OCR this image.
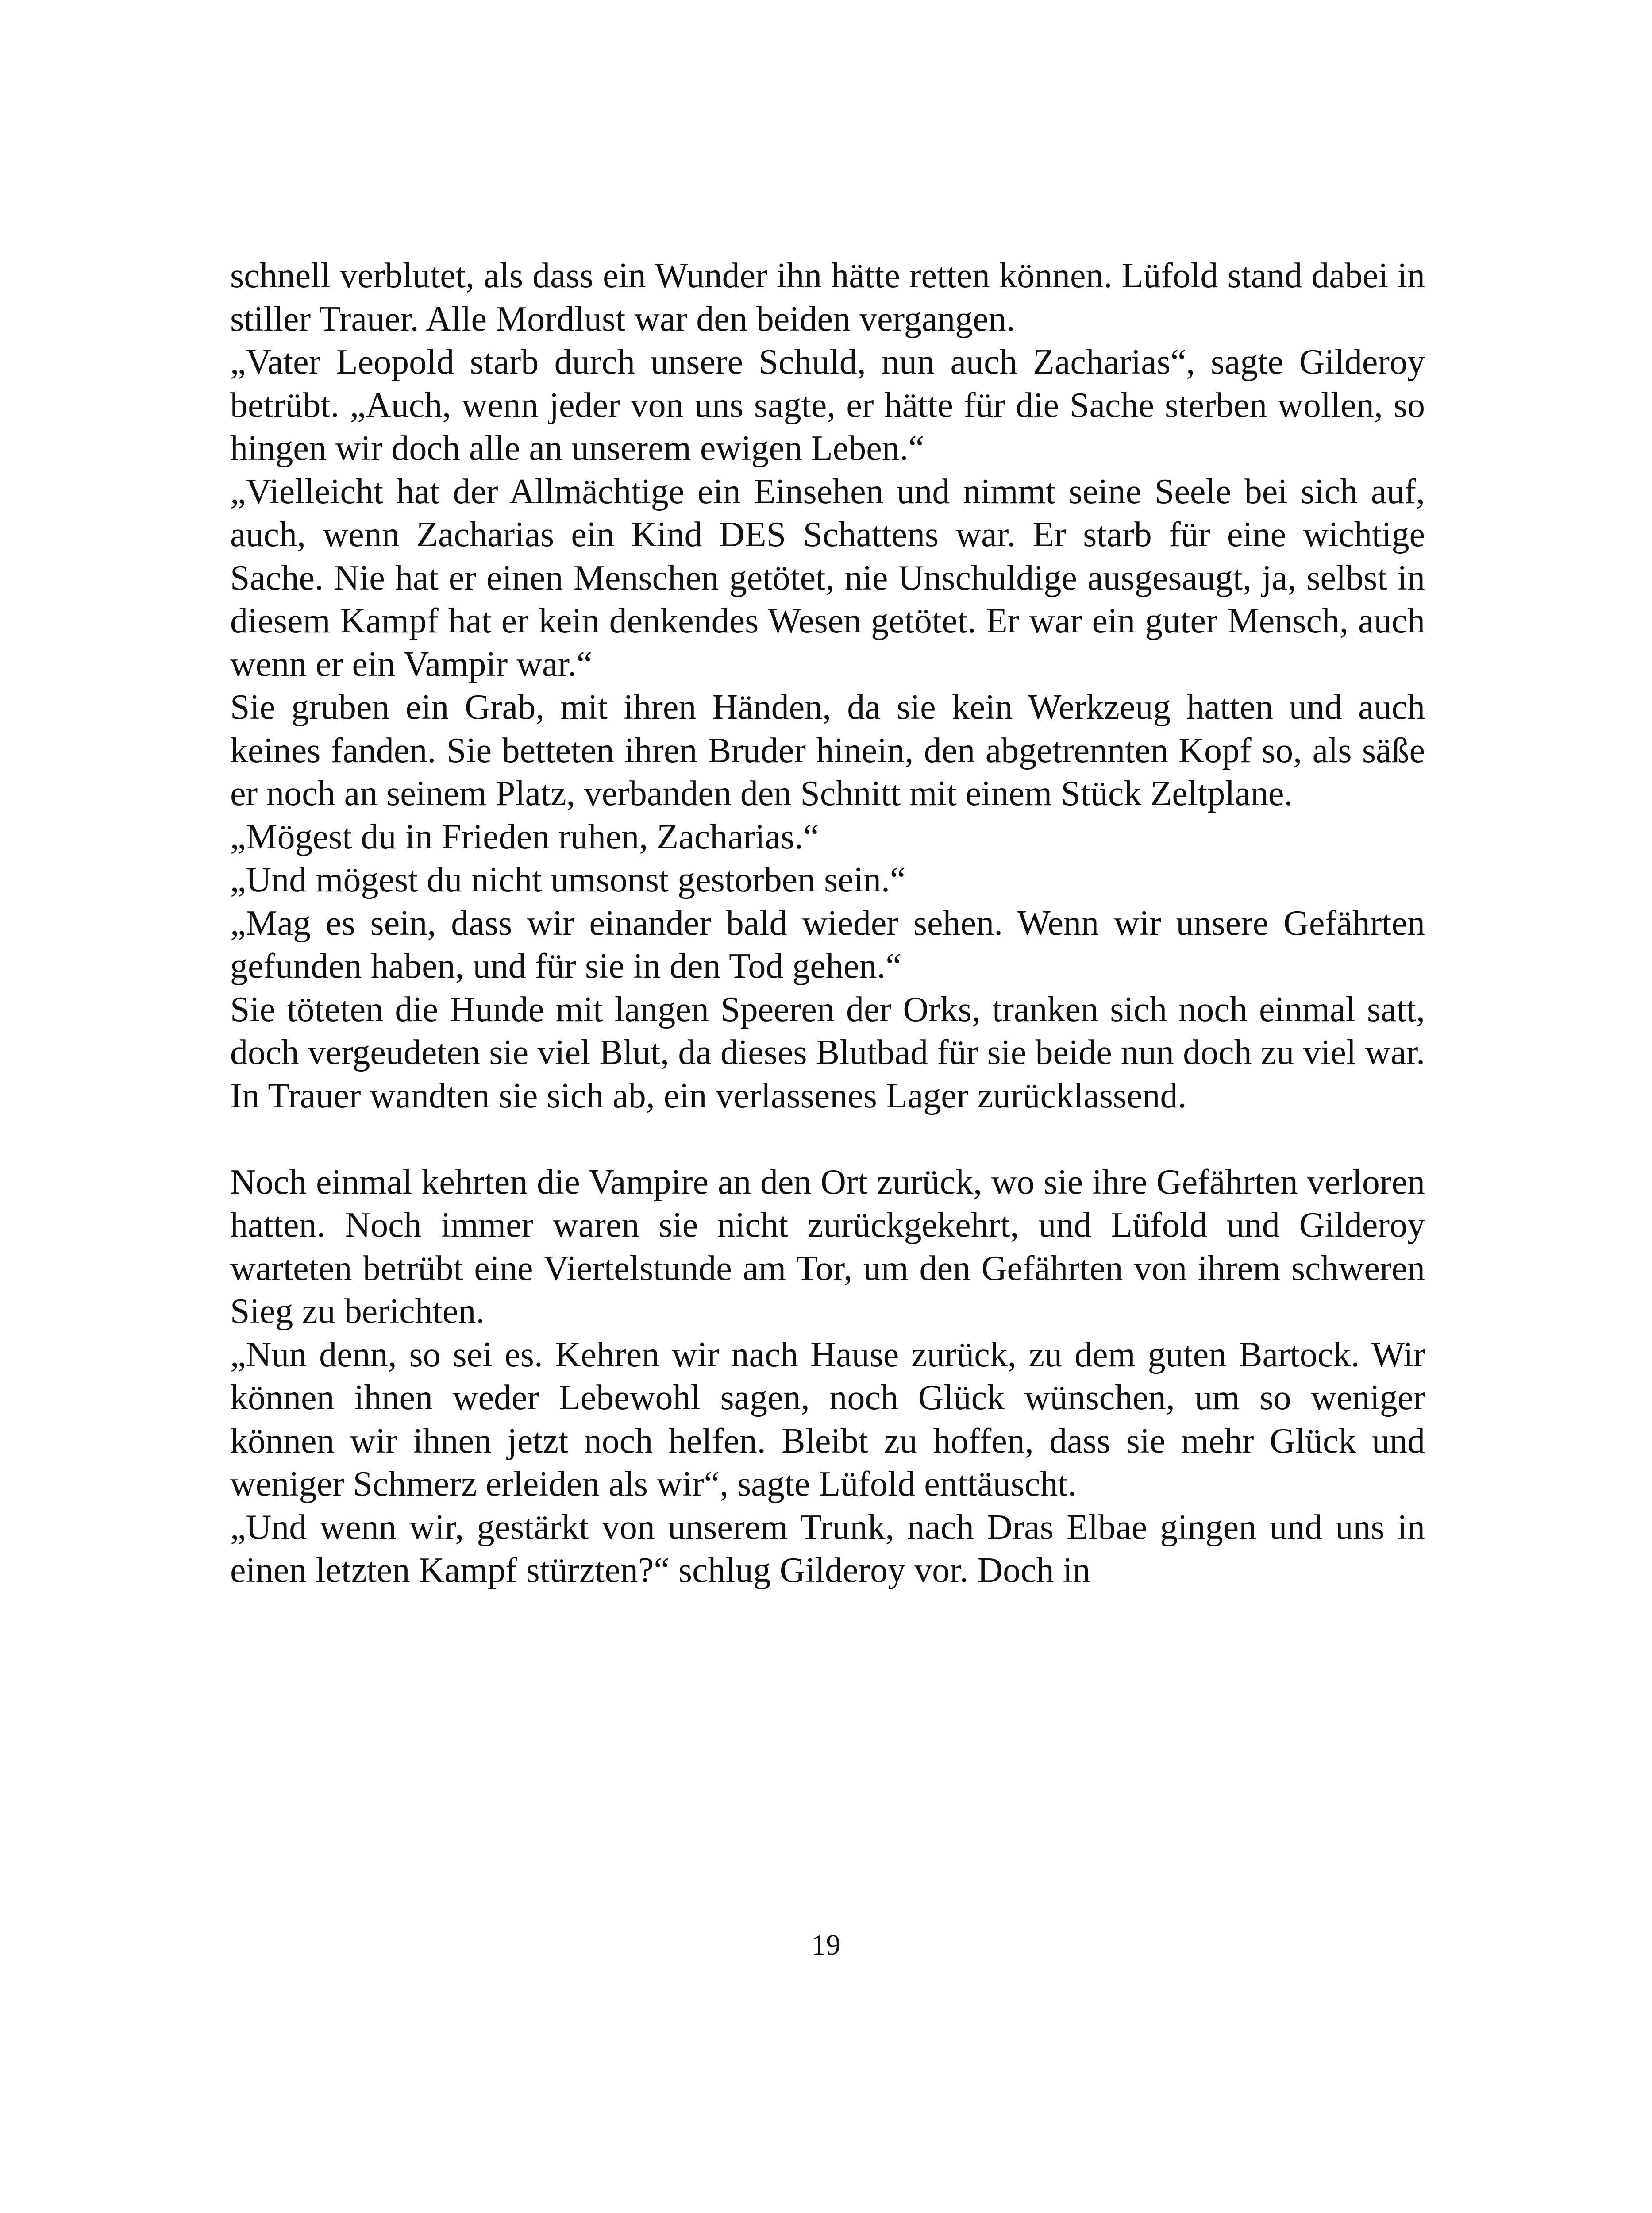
schnell verblutet, als dass ein Wunder ihn hätte retten können. Lüfold stand dabei in stiller Trauer. Alle Mordlust war den beiden vergangen.

„Vater Leopold starb durch unsere Schuld, nun auch Zacharias“, sagte Gilderoy betrübt. „Auch, wenn jeder von uns sagte, er hätte für die Sache sterben wollen, so hingen wir doch alle an unserem ewigen Leben.“

„Vielleicht hat der Allmächtige ein Einsehen und nimmt seine Seele bei sich auf, auch, wenn Zacharias ein Kind DES Schattens war. Er starb für eine wichtige Sache. Nie hat er einen Menschen getötet, nie Unschuldige ausgesaugt, ja, selbst in diesem Kampf hat er kein denkendes Wesen getötet. Er war ein guter Mensch, auch wenn er ein Vampir war.“

Sie gruben ein Grab, mit ihren Händen, da sie kein Werkzeug hatten und auch keines fanden. Sie betteten ihren Bruder hinein, den abgetrennten Kopf so, als säße er noch an seinem Platz, verbanden den Schnitt mit einem Stück Zeltplane.

„Mögest du in Frieden ruhen, Zacharias.“

„Und mögest du nicht umsonst gestorben sein.“

„Mag es sein, dass wir einander bald wieder sehen. Wenn wir unsere Gefährten gefunden haben, und für sie in den Tod gehen.“

Sie töteten die Hunde mit langen Speeren der Orks, tranken sich noch einmal satt, doch vergeudeten sie viel Blut, da dieses Blutbad für sie beide nun doch zu viel war. In Trauer wandten sie sich ab, ein verlassenes Lager zurücklassend.

Noch einmal kehrten die Vampire an den Ort zurück, wo sie ihre Gefährten verloren hatten. Noch immer waren sie nicht zurückgekehrt, und Lüfold und Gilderoy warteten betrübt eine Viertelstunde am Tor, um den Gefährten von ihrem schweren Sieg zu berichten.

„Nun denn, so sei es. Kehren wir nach Hause zurück, zu dem guten Bartock. Wir können ihnen weder Lebewohl sagen, noch Glück wünschen, um so weniger können wir ihnen jetzt noch helfen. Bleibt zu hoffen, dass sie mehr Glück und weniger Schmerz erleiden als wir“, sagte Lüfold enttäuscht.

„Und wenn wir, gestärkt von unserem Trunk, nach Dras Elbae gingen und uns in einen letzten Kampf stürzten?“ schlug Gilderoy vor. Doch in

19
